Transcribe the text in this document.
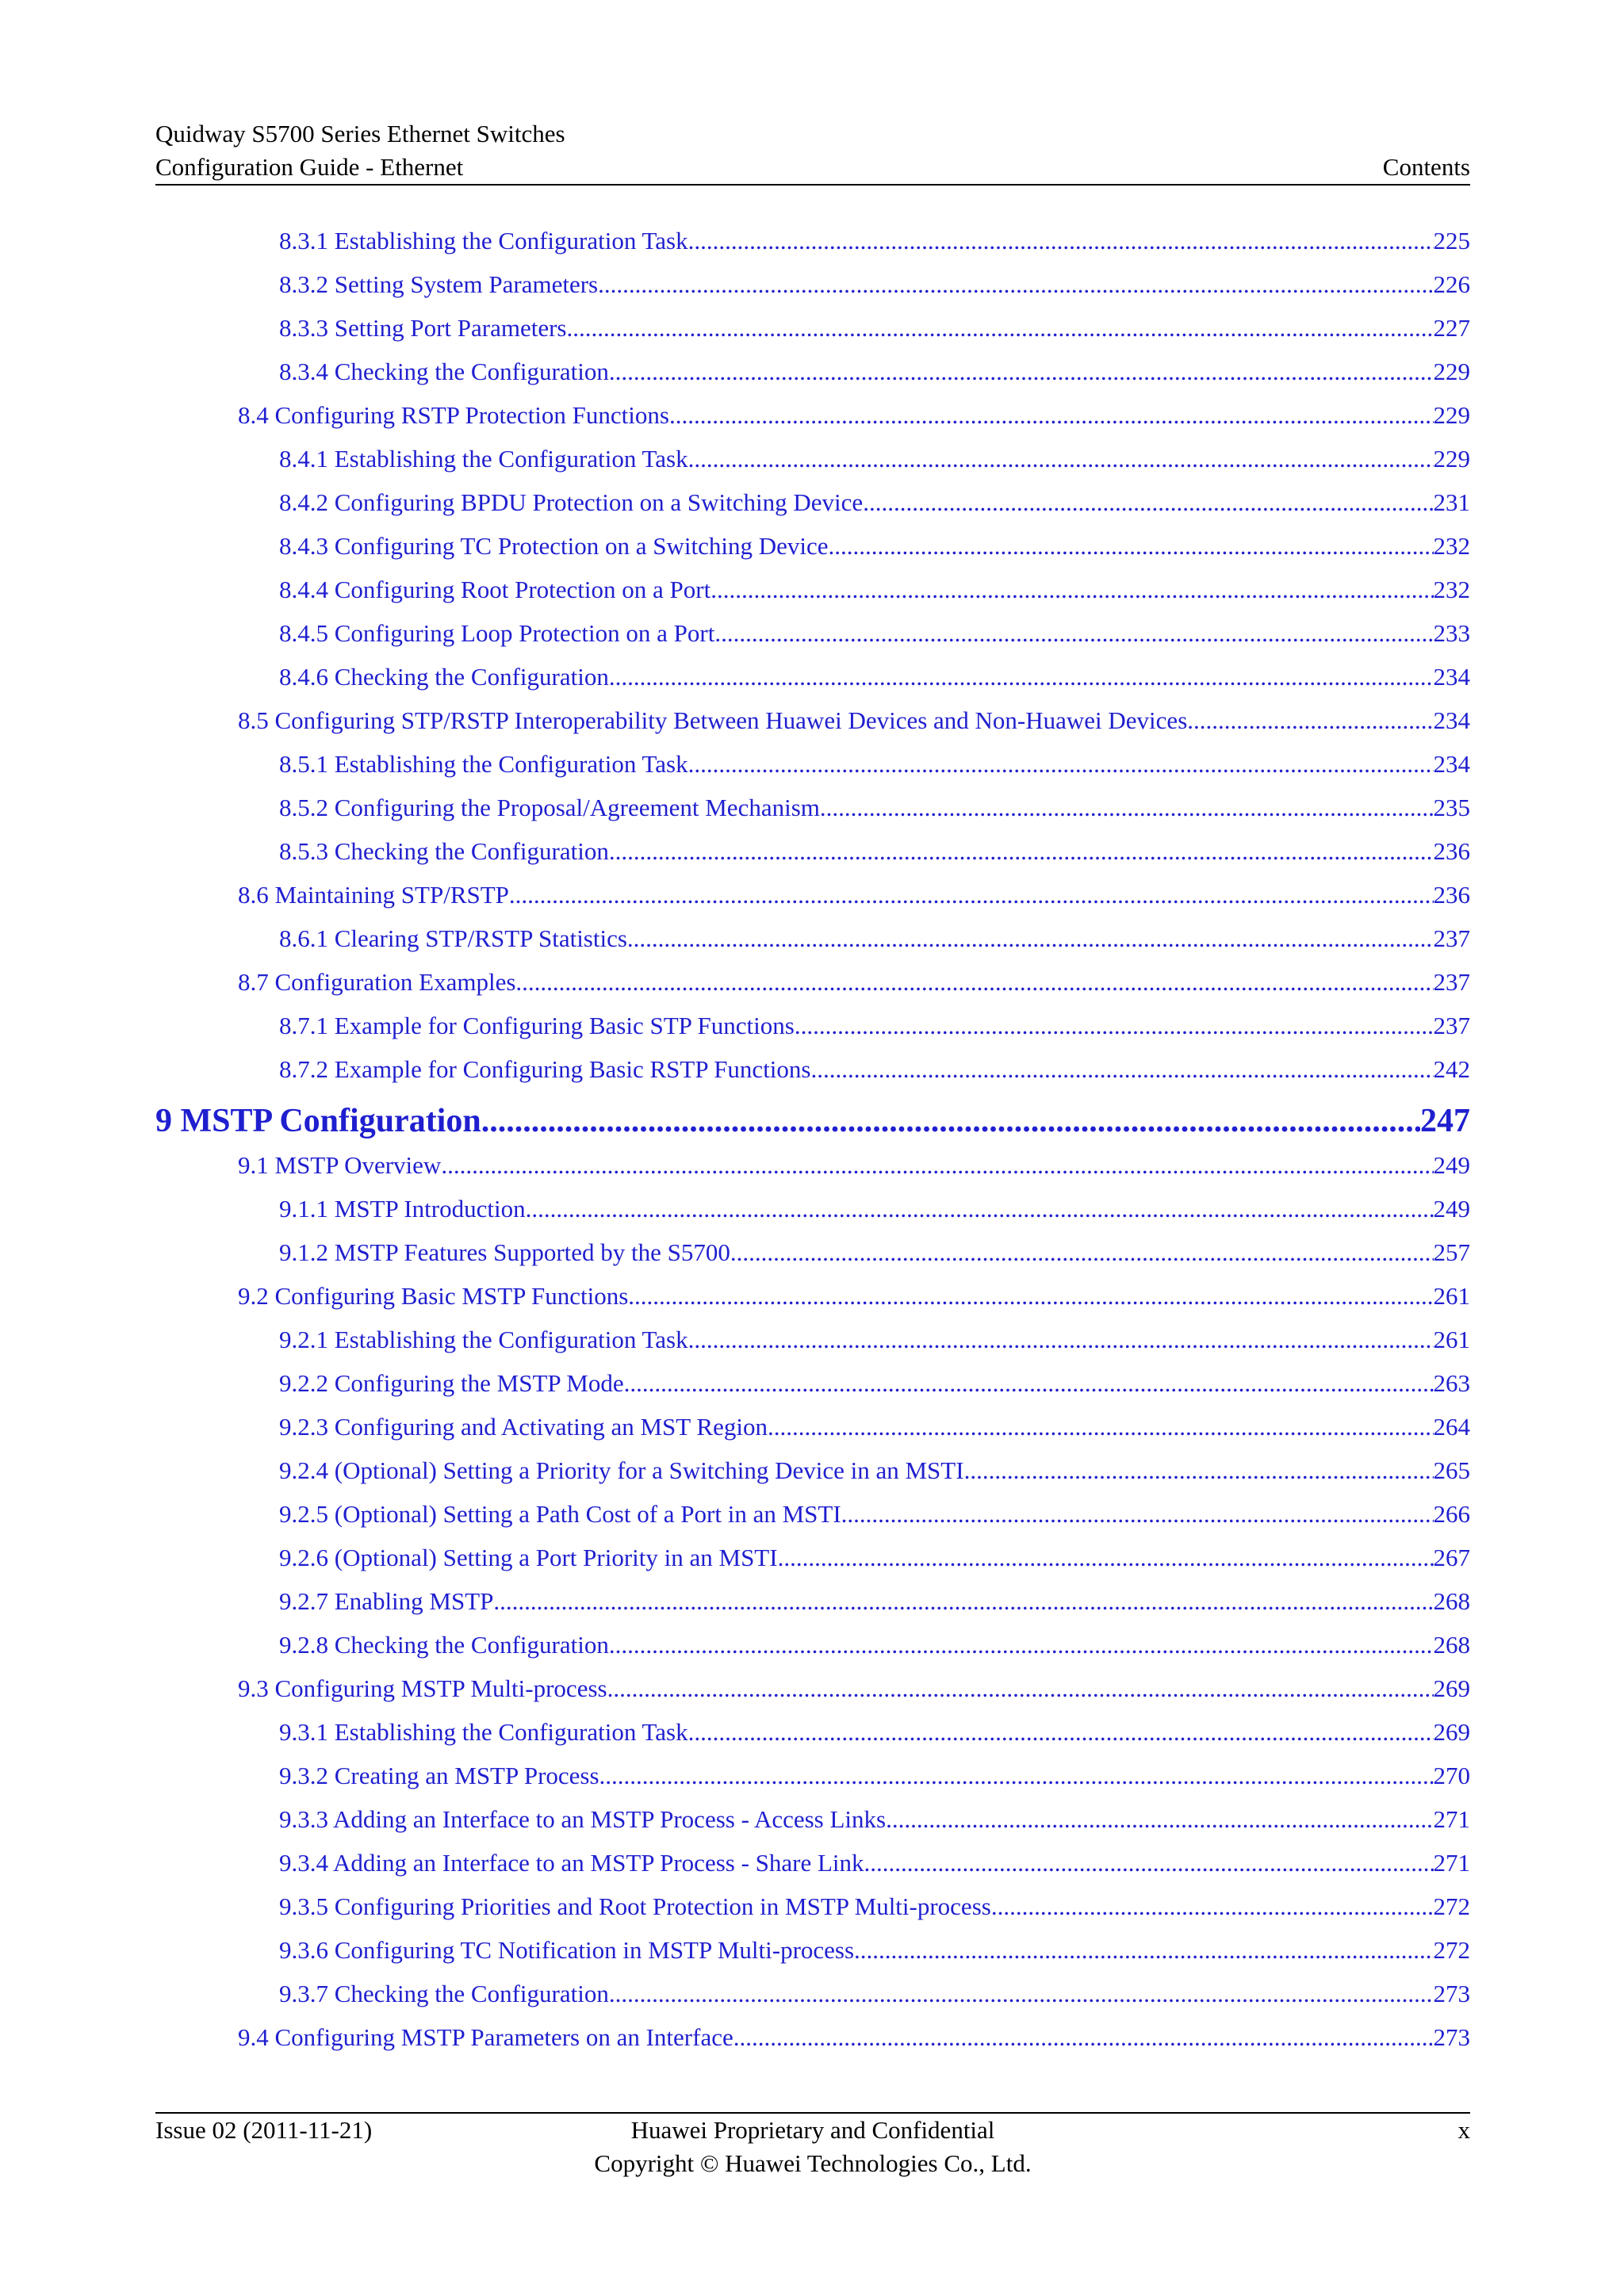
Quidway S5700 Series Ethernet Switches
Configuration Guide - Ethernet	Contents
8.3.1 Establishing the Configuration Task .....	225
8.3.2 Setting System Parameters .....	226
8.3.3 Setting Port Parameters .....	227
8.3.4 Checking the Configuration .....	229
8.4 Configuring RSTP Protection Functions .....	229
8.4.1 Establishing the Configuration Task .....	229
8.4.2 Configuring BPDU Protection on a Switching Device .....	231
8.4.3 Configuring TC Protection on a Switching Device .....	232
8.4.4 Configuring Root Protection on a Port .....	232
8.4.5 Configuring Loop Protection on a Port .....	233
8.4.6 Checking the Configuration .....	234
8.5 Configuring STP/RSTP Interoperability Between Huawei Devices and Non-Huawei Devices .....	234
8.5.1 Establishing the Configuration Task .....	234
8.5.2 Configuring the Proposal/Agreement Mechanism .....	235
8.5.3 Checking the Configuration .....	236
8.6 Maintaining STP/RSTP .....	236
8.6.1 Clearing STP/RSTP Statistics .....	237
8.7 Configuration Examples .....	237
8.7.1 Example for Configuring Basic STP Functions .....	237
8.7.2 Example for Configuring Basic RSTP Functions .....	242
9 MSTP Configuration .....	247
9.1 MSTP Overview .....	249
9.1.1 MSTP Introduction .....	249
9.1.2 MSTP Features Supported by the S5700 .....	257
9.2 Configuring Basic MSTP Functions .....	261
9.2.1 Establishing the Configuration Task .....	261
9.2.2 Configuring the MSTP Mode .....	263
9.2.3 Configuring and Activating an MST Region .....	264
9.2.4 (Optional) Setting a Priority for a Switching Device in an MSTI .....	265
9.2.5 (Optional) Setting a Path Cost of a Port in an MSTI .....	266
9.2.6 (Optional) Setting a Port Priority in an MSTI .....	267
9.2.7 Enabling MSTP .....	268
9.2.8 Checking the Configuration .....	268
9.3 Configuring MSTP Multi-process .....	269
9.3.1 Establishing the Configuration Task .....	269
9.3.2 Creating an MSTP Process .....	270
9.3.3 Adding an Interface to an MSTP Process - Access Links .....	271
9.3.4 Adding an Interface to an MSTP Process - Share Link .....	271
9.3.5 Configuring Priorities and Root Protection in MSTP Multi-process .....	272
9.3.6 Configuring TC Notification in MSTP Multi-process .....	272
9.3.7 Checking the Configuration .....	273
9.4 Configuring MSTP Parameters on an Interface .....	273
Issue 02 (2011-11-21)	Huawei Proprietary and Confidential
Copyright © Huawei Technologies Co., Ltd.
x
